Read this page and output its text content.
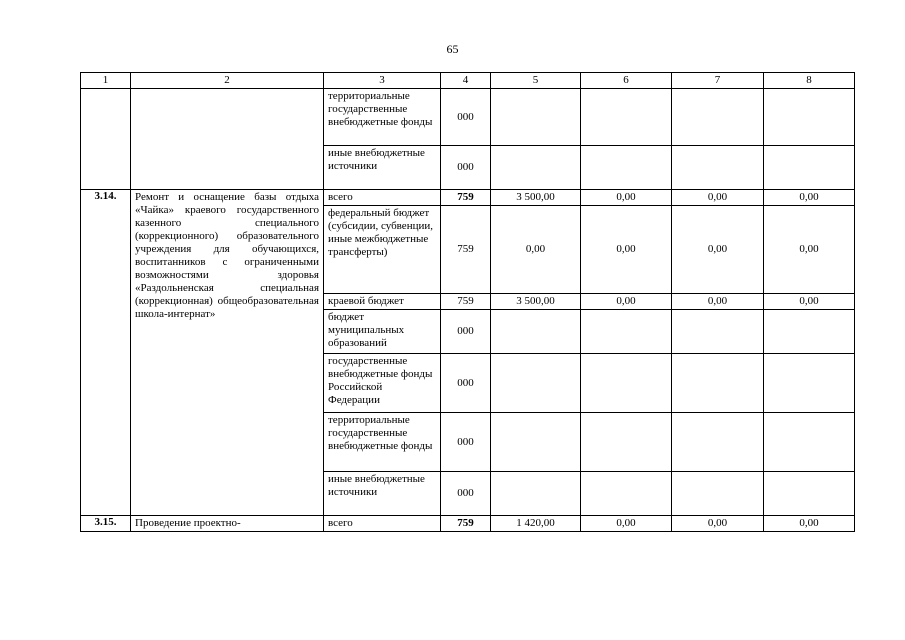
65
1	2	3	4	5	6	7	8
		территориальные государственные внебюджетные фонды	000				
		иные внебюджетные источники	000				
3.14.	Ремонт и оснащение базы отдыха «Чайка» краевого государственного казенного специального (коррекционного) образовательного учреждения для обучающихся, воспитанников с ограниченными возможностями здоровья «Раздольненская специальная (коррекционная) общеобразовательная школа-интернат»	всего	759	3 500,00	0,00	0,00	0,00
		федеральный бюджет (субсидии, субвенции, иные межбюджетные трансферты)	759	0,00	0,00	0,00	0,00
		краевой бюджет	759	3 500,00	0,00	0,00	0,00
		бюджет муниципальных образований	000				
		государственные внебюджетные фонды Российской Федерации	000				
		территориальные государственные внебюджетные фонды	000				
		иные внебюджетные источники	000				
3.15.	Проведение проектно-	всего	759	1 420,00	0,00	0,00	0,00
